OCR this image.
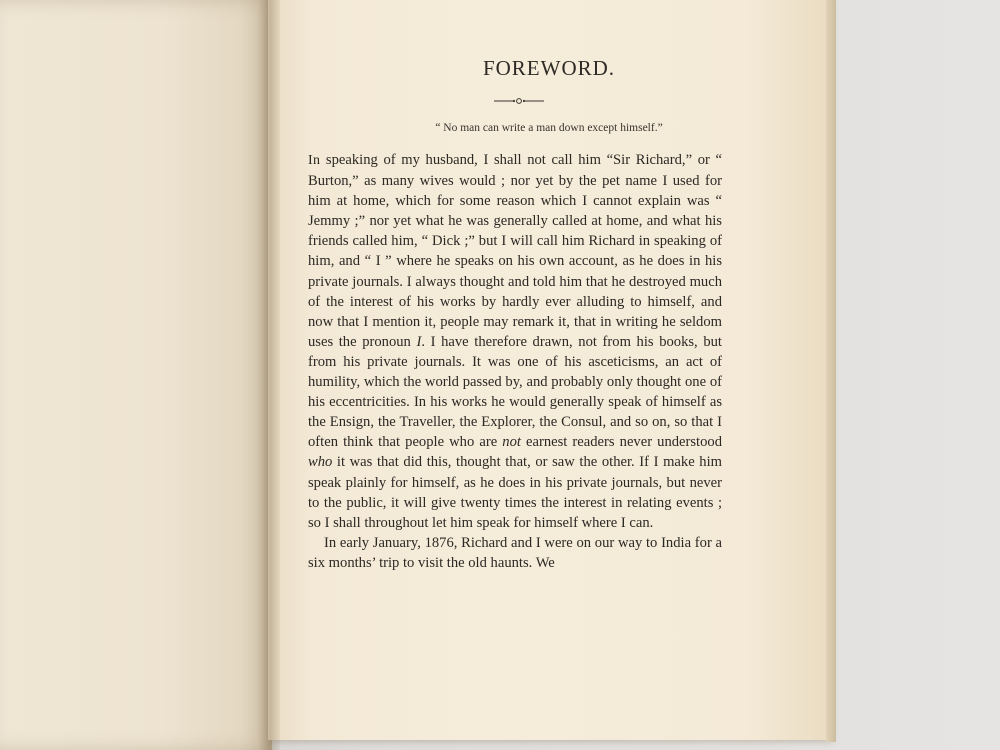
FOREWORD.
“ No man can write a man down except himself.”

In speaking of my husband, I shall not call him “Sir Richard,” or “ Burton,” as many wives would ; nor yet by the pet name I used for him at home, which for some reason which I cannot explain was “ Jemmy ;” nor yet what he was generally called at home, and what his friends called him, “ Dick ;” but I will call him Richard in speaking of him, and “ I ” where he speaks on his own account, as he does in his private journals. I always thought and told him that he destroyed much of the interest of his works by hardly ever alluding to himself, and now that I mention it, people may remark it, that in writing he seldom uses the pronoun I. I have therefore drawn, not from his books, but from his private journals. It was one of his asceticisms, an act of humility, which the world passed by, and probably only thought one of his eccentricities. In his works he would generally speak of himself as the Ensign, the Traveller, the Explorer, the Consul, and so on, so that I often think that people who are not earnest readers never understood who it was that did this, thought that, or saw the other. If I make him speak plainly for himself, as he does in his private journals, but never to the public, it will give twenty times the interest in relating events ; so I shall throughout let him speak for himself where I can.

In early January, 1876, Richard and I were on our way to India for a six months’ trip to visit the old haunts. We
